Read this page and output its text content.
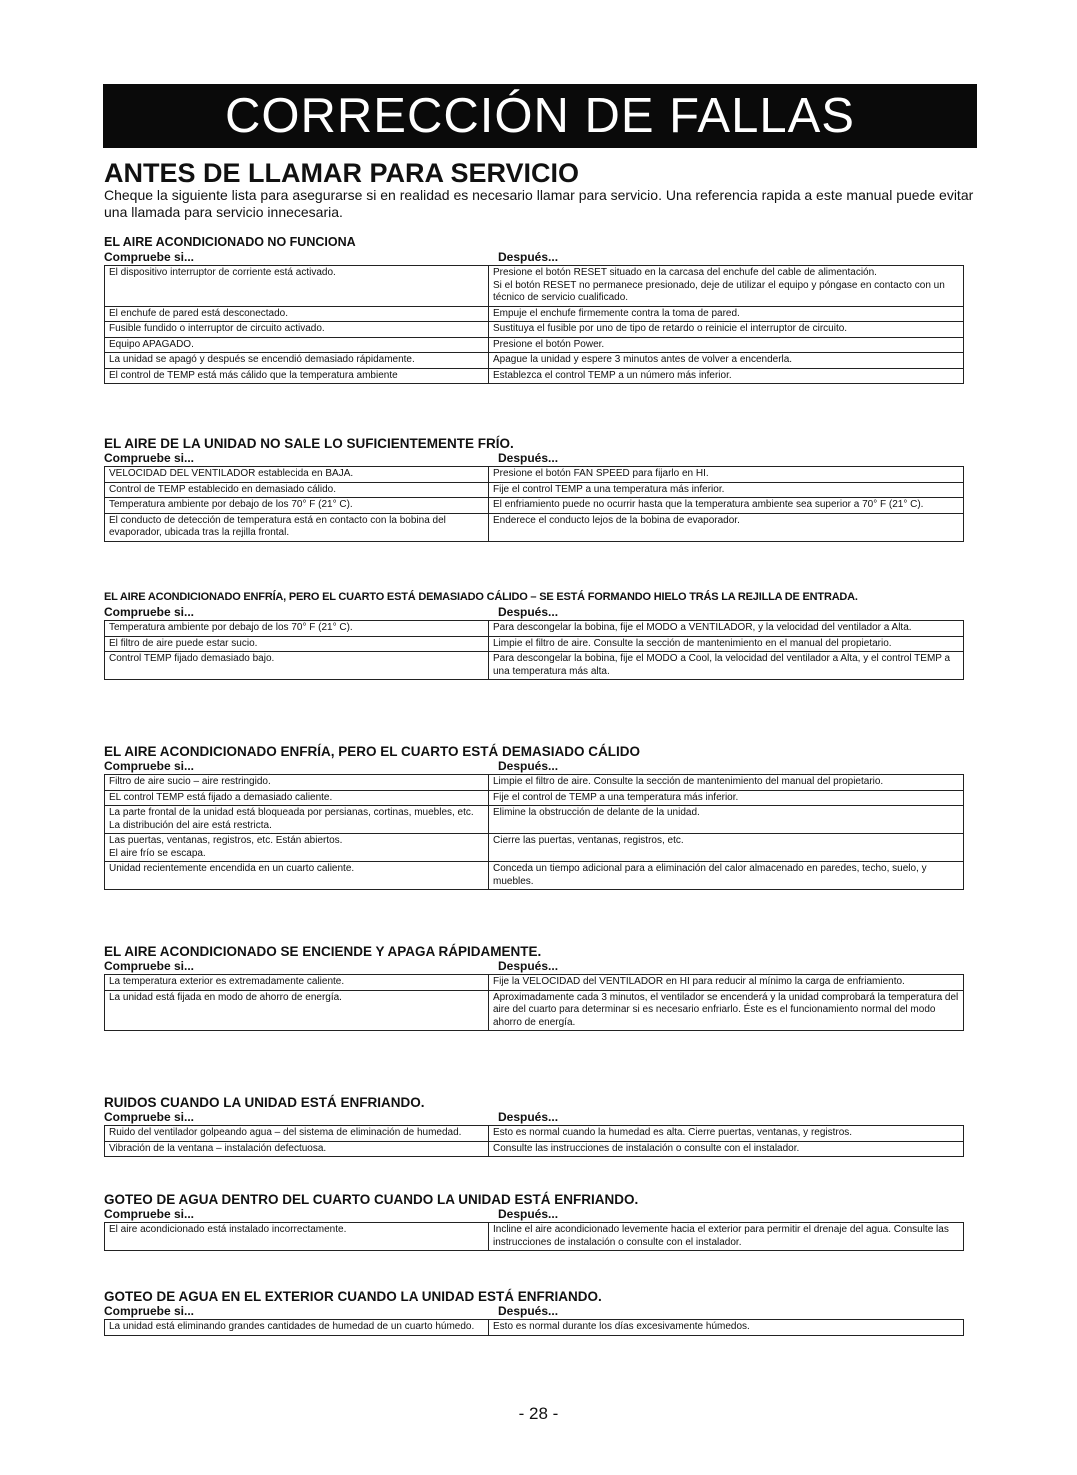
CORRECCIÓN DE FALLAS
ANTES DE LLAMAR PARA SERVICIO

Cheque la siguiente lista para asegurarse si en realidad es necesario llamar para servicio. Una referencia rapida a este manual puede evitar una llamada para servicio innecesaria.

EL AIRE ACONDICIONADO NO FUNCIONA
Compruebe si...	Después...
El dispositivo interruptor de corriente está activado.	Presione el botón RESET situado en la carcasa del enchufe del cable de alimentación.
Si el botón RESET no permanece presionado, deje de utilizar el equipo y póngase en contacto con un técnico de servicio cualificado.
El enchufe de pared está desconectado.	Empuje el enchufe firmemente contra la toma de pared.
Fusible fundido o interruptor de circuito activado.	Sustituya el fusible por uno de tipo de retardo o reinicie el interruptor de circuito.
Equipo APAGADO.	Presione el botón Power.
La unidad se apagó y después se encendió demasiado rápidamente.	Apague la unidad y espere 3 minutos antes de volver a encenderla.
El control de TEMP está más cálido que la temperatura ambiente	Establezca el control TEMP a un número más inferior.
EL AIRE DE LA UNIDAD NO SALE LO SUFICIENTEMENTE FRÍO.
Compruebe si...	Después...
VELOCIDAD DEL VENTILADOR establecida en BAJA.	Presione el botón FAN SPEED para fijarlo en HI.
Control de TEMP establecido en demasiado cálido.	Fije el control TEMP a una temperatura más inferior.
Temperatura ambiente por debajo de los 70° F (21° C).	El enfriamiento puede no ocurrir hasta que la temperatura ambiente sea superior a 70° F (21° C).
El conducto de detección de temperatura está en contacto con la bobina del evaporador, ubicada tras la rejilla frontal.	Enderece el conducto lejos de la bobina de evaporador.
EL AIRE ACONDICIONADO ENFRÍA, PERO EL CUARTO ESTÁ DEMASIADO CÁLIDO – SE ESTÁ FORMANDO HIELO TRÁS LA REJILLA DE ENTRADA.
Compruebe si...	Después...
Temperatura ambiente por debajo de los 70° F (21° C).	Para descongelar la bobina, fije el MODO a VENTILADOR, y la velocidad del ventilador a Alta.
El filtro de aire puede estar sucio.	Limpie el filtro de aire. Consulte la sección de mantenimiento en el manual del propietario.
Control TEMP fijado demasiado bajo.	Para descongelar la bobina, fije el MODO a Cool, la velocidad del ventilador a Alta, y el control TEMP a una temperatura más alta.
EL AIRE ACONDICIONADO ENFRÍA, PERO EL CUARTO ESTÁ DEMASIADO CÁLIDO
Compruebe si...	Después...
Filtro de aire sucio – aire restringido.	Limpie el filtro de aire. Consulte la sección de mantenimiento del manual del propietario.
EL control TEMP está fijado a demasiado caliente.	Fije el control de TEMP a una temperatura más inferior.
La parte frontal de la unidad está bloqueada por persianas, cortinas, muebles, etc. La distribución del aire está restricta.	Elimine la obstrucción de delante de la unidad.
Las puertas, ventanas, registros, etc. Están abiertos.
El aire frío se escapa.	Cierre las puertas, ventanas, registros, etc.
Unidad recientemente encendida en un cuarto caliente.	Conceda un tiempo adicional para a eliminación del calor almacenado en paredes, techo, suelo, y muebles.
EL AIRE ACONDICIONADO SE ENCIENDE Y APAGA RÁPIDAMENTE.
Compruebe si...	Después...
La temperatura exterior es extremadamente caliente.	Fije la VELOCIDAD del VENTILADOR en HI para reducir al mínimo la carga de enfriamiento.
La unidad está fijada en modo de ahorro de energía.	Aproximadamente cada 3 minutos, el ventilador se encenderá y la unidad comprobará la temperatura del aire del cuarto para determinar si es necesario enfriarlo. Éste es el funcionamiento normal del modo ahorro de energía.
RUIDOS CUANDO LA UNIDAD ESTÁ ENFRIANDO.
Compruebe si...	Después...
Ruido del ventilador golpeando agua – del sistema de eliminación de humedad.	Esto es normal cuando la humedad es alta. Cierre puertas, ventanas, y registros.
Vibración de la ventana – instalación defectuosa.	Consulte las instrucciones de instalación o consulte con el instalador.
GOTEO DE AGUA DENTRO DEL CUARTO CUANDO LA UNIDAD ESTÁ ENFRIANDO.
Compruebe si...	Después...
El aire acondicionado está instalado incorrectamente.	Incline el aire acondicionado levemente hacia el exterior para permitir el drenaje del agua. Consulte las instrucciones de instalación o consulte con el instalador.
GOTEO DE AGUA EN EL EXTERIOR CUANDO LA UNIDAD ESTÁ ENFRIANDO.
Compruebe si...	Después...
La unidad está eliminando grandes cantidades de humedad de un cuarto húmedo.	Esto es normal durante los días excesivamente húmedos.
- 28 -
